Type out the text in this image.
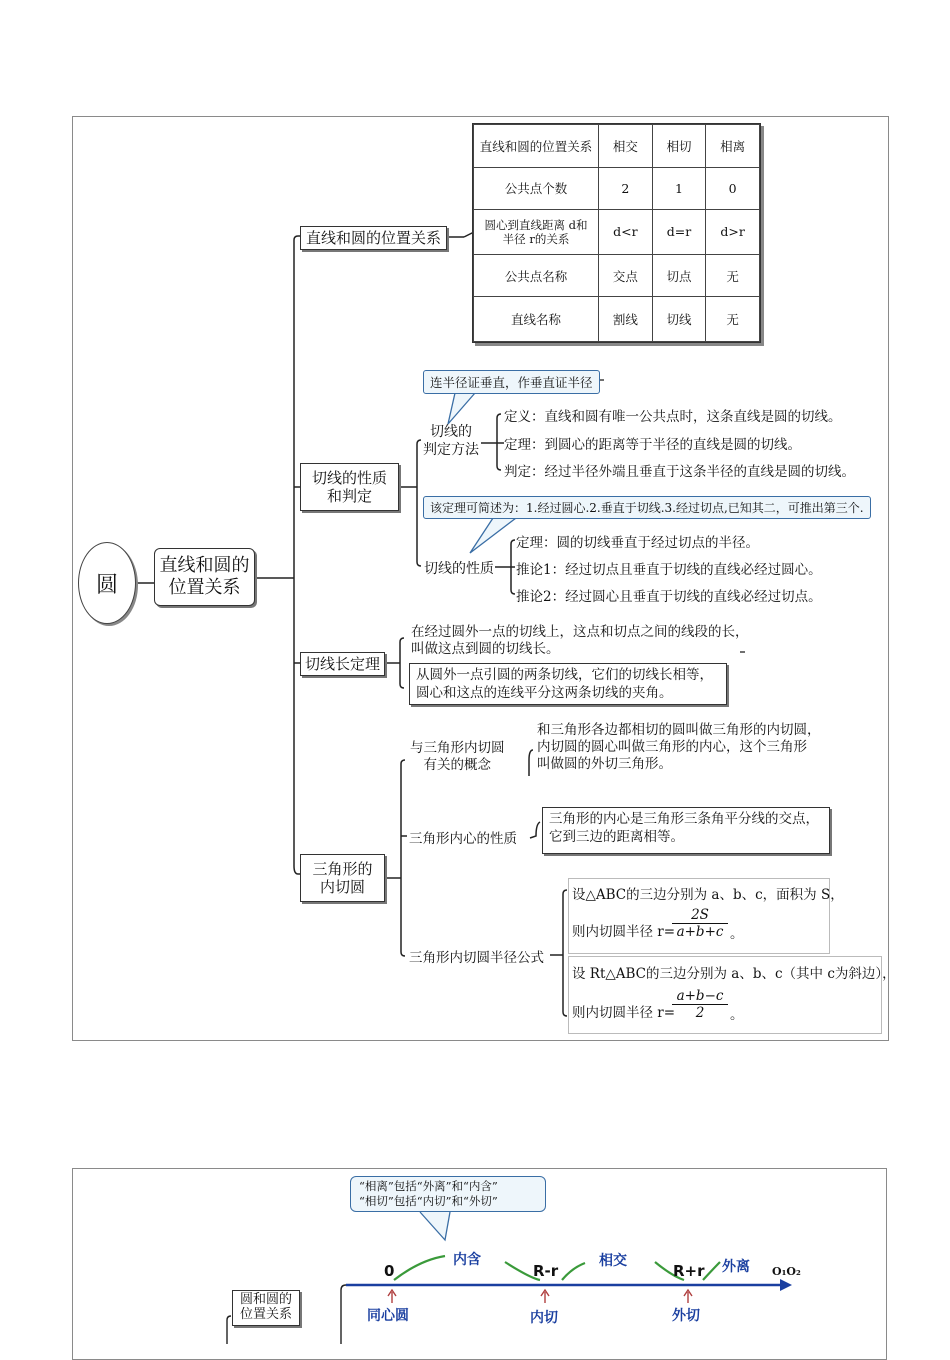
圆
直线和圆的
位置关系
直线和圆的位置关系
直线和圆的位置关系	相交	相切	相离
公共点个数	2	1	0
圆心到直线距离 d和
半径 r的关系	d<r	d=r	d>r
公共点名称	交点	切点	无
直线名称	割线	切线	无
切线的性质
和判定
连半径证垂直，作垂直证半径
切线的
判定方法
定义：直线和圆有唯一公共点时，这条直线是圆的切线。
定理：到圆心的距离等于半径的直线是圆的切线。
判定：经过半径外端且垂直于这条半径的直线是圆的切线。
该定理可简述为：1.经过圆心.2.垂直于切线.3.经过切点,已知其二，可推出第三个.
切线的性质
定理：圆的切线垂直于经过切点的半径。
推论1：经过切点且垂直于切线的直线必经过圆心。
推论2：经过圆心且垂直于切线的直线必经过切点。
切线长定理
在经过圆外一点的切线上，这点和切点之间的线段的长，
叫做这点到圆的切线长。
从圆外一点引圆的两条切线，它们的切线长相等，
圆心和这点的连线平分这两条切线的夹角。
三角形的
内切圆
与三角形内切圆
有关的概念
和三角形各边都相切的圆叫做三角形的内切圆，
内切圆的圆心叫做三角形的内心，这个三角形
叫做圆的外切三角形。
三角形内心的性质
三角形的内心是三角形三条角平分线的交点，
它到三边的距离相等。
三角形内切圆半径公式
设△ABC的三边分别为 a、b、c，面积为 S，
则内切圆半径 r=
$\frac{2S}{a+b+c}$ 。
设 Rt△ABC的三边分别为 a、b、c（其中 c为斜边），
则内切圆半径 r=
$\frac{a+b-c}{2}$ 。
“相离”包括“外离”和“内含”
“相切”包括“内切”和“外切”
0	R-r	R+r	O₁O₂
内含	相交	外离
同心圆	内切	外切
圆和圆的
位置关系
